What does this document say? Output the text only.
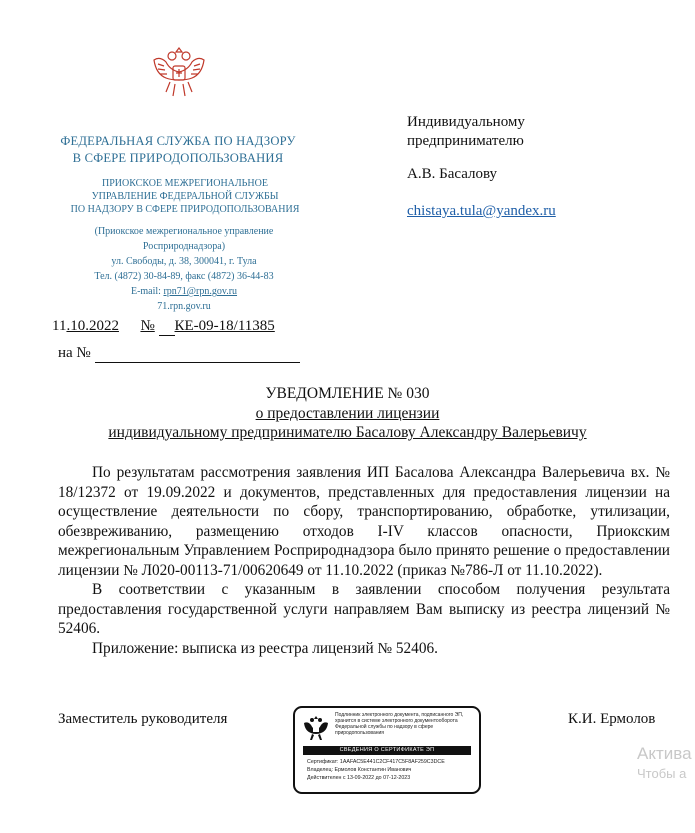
ФЕДЕРАЛЬНАЯ СЛУЖБА ПО НАДЗОРУ
В СФЕРЕ ПРИРОДОПОЛЬЗОВАНИЯ
ПРИОКСКОЕ МЕЖРЕГИОНАЛЬНОЕ
УПРАВЛЕНИЕ ФЕДЕРАЛЬНОЙ СЛУЖБЫ
ПО НАДЗОРУ В СФЕРЕ ПРИРОДОПОЛЬЗОВАНИЯ
(Приокское межрегиональное управление
Росприроднадзора)
ул. Свободы, д. 38, 300041, г. Тула
Тел. (4872) 30-84-89, факс (4872) 36-44-83
E-mail: rpn71@rpn.gov.ru
71.rpn.gov.ru
Индивидуальному
предпринимателю
А.В. Басалову
chistaya.tula@yandex.ru
11.10.2022 № КЕ-09-18/11385
на №
УВЕДОМЛЕНИЕ № 030
о предоставлении лицензии
индивидуальному предпринимателю Басалову Александру Валерьевичу

По результатам рассмотрения заявления ИП Басалова Александра Валерьевича вх. № 18/12372 от 19.09.2022 и документов, представленных для предоставления лицензии на осуществление деятельности по сбору, транспортированию, обработке, утилизации, обезвреживанию, размещению отходов I-IV классов опасности, Приокским межрегиональным Управлением Росприроднадзора было принято решение о предоставлении лицензии № Л020-00113-71/00620649 от 11.10.2022 (приказ №786-Л от 11.10.2022).

В соответствии с указанным в заявлении способом получения результата предоставления государственной услуги направляем Вам выписку из реестра лицензий № 52406.

Приложение: выписка из реестра лицензий № 52406.

Заместитель руководителя	К.И. Ермолов
Подлинник электронного документа, подписанного ЭП, хранится в системе электронного документооборота Федеральной службы по надзору в сфере природопользования
СВЕДЕНИЯ О СЕРТИФИКАТЕ ЭП
Сертификат: 1AAFAC5E441C2CF417C5F8AF259C3DCE
Владелец: Ермолов Константин Иванович
Действителен с 13-09-2022 до 07-12-2023
Актива
Чтобы а
